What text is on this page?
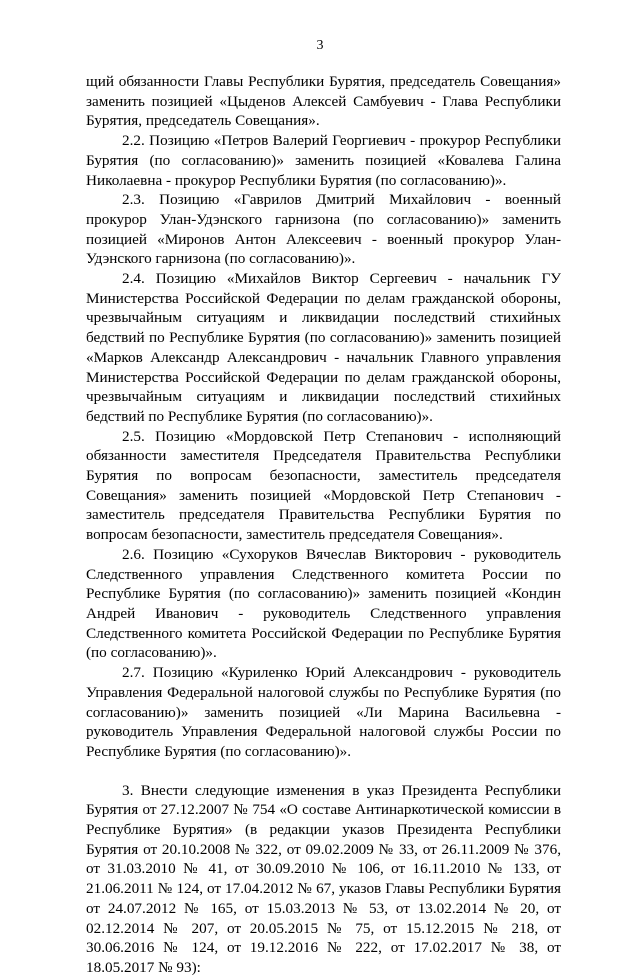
3

щий обязанности Главы Республики Бурятия, председатель Совещания» заменить позицией «Цыденов Алексей Самбуевич - Глава Республики Бурятия, председатель Совещания».

2.2. Позицию «Петров Валерий Георгиевич - прокурор Республики Бурятия (по согласованию)» заменить позицией «Ковалева Галина Николаевна - прокурор Республики Бурятия (по согласованию)».

2.3. Позицию «Гаврилов Дмитрий Михайлович - военный прокурор Улан-Удэнского гарнизона (по согласованию)» заменить позицией «Миронов Антон Алексеевич - военный прокурор Улан-Удэнского гарнизона (по согласованию)».

2.4. Позицию «Михайлов Виктор Сергеевич - начальник ГУ Министерства Российской Федерации по делам гражданской обороны, чрезвычайным ситуациям и ликвидации последствий стихийных бедствий по Республике Бурятия (по согласованию)» заменить позицией «Марков Александр Александрович - начальник Главного управления Министерства Российской Федерации по делам гражданской обороны, чрезвычайным ситуациям и ликвидации последствий стихийных бедствий по Республике Бурятия (по согласованию)».

2.5. Позицию «Мордовской Петр Степанович - исполняющий обязанности заместителя Председателя Правительства Республики Бурятия по вопросам безопасности, заместитель председателя Совещания» заменить позицией «Мордовской Петр Степанович - заместитель председателя Правительства Республики Бурятия по вопросам безопасности, заместитель председателя Совещания».

2.6. Позицию «Сухоруков Вячеслав Викторович - руководитель Следственного управления Следственного комитета России по Республике Бурятия (по согласованию)» заменить позицией «Кондин Андрей Иванович - руководитель Следственного управления Следственного комитета Российской Федерации по Республике Бурятия (по согласованию)».

2.7. Позицию «Куриленко Юрий Александрович - руководитель Управления Федеральной налоговой службы по Республике Бурятия (по согласованию)» заменить позицией «Ли Марина Васильевна - руководитель Управления Федеральной налоговой службы России по Республике Бурятия (по согласованию)».

3. Внести следующие изменения в указ Президента Республики Бурятия от 27.12.2007 № 754 «О составе Антинаркотической комиссии в Республике Бурятия» (в редакции указов Президента Республики Бурятия от 20.10.2008 № 322, от 09.02.2009 № 33, от 26.11.2009 № 376, от 31.03.2010 № 41, от 30.09.2010 № 106, от 16.11.2010 № 133, от 21.06.2011 № 124, от 17.04.2012 № 67, указов Главы Республики Бурятия от 24.07.2012 № 165, от 15.03.2013 № 53, от 13.02.2014 № 20, от 02.12.2014 № 207, от 20.05.2015 № 75, от 15.12.2015 № 218, от 30.06.2016 № 124, от 19.12.2016 № 222, от 17.02.2017 № 38, от 18.05.2017 № 93):
